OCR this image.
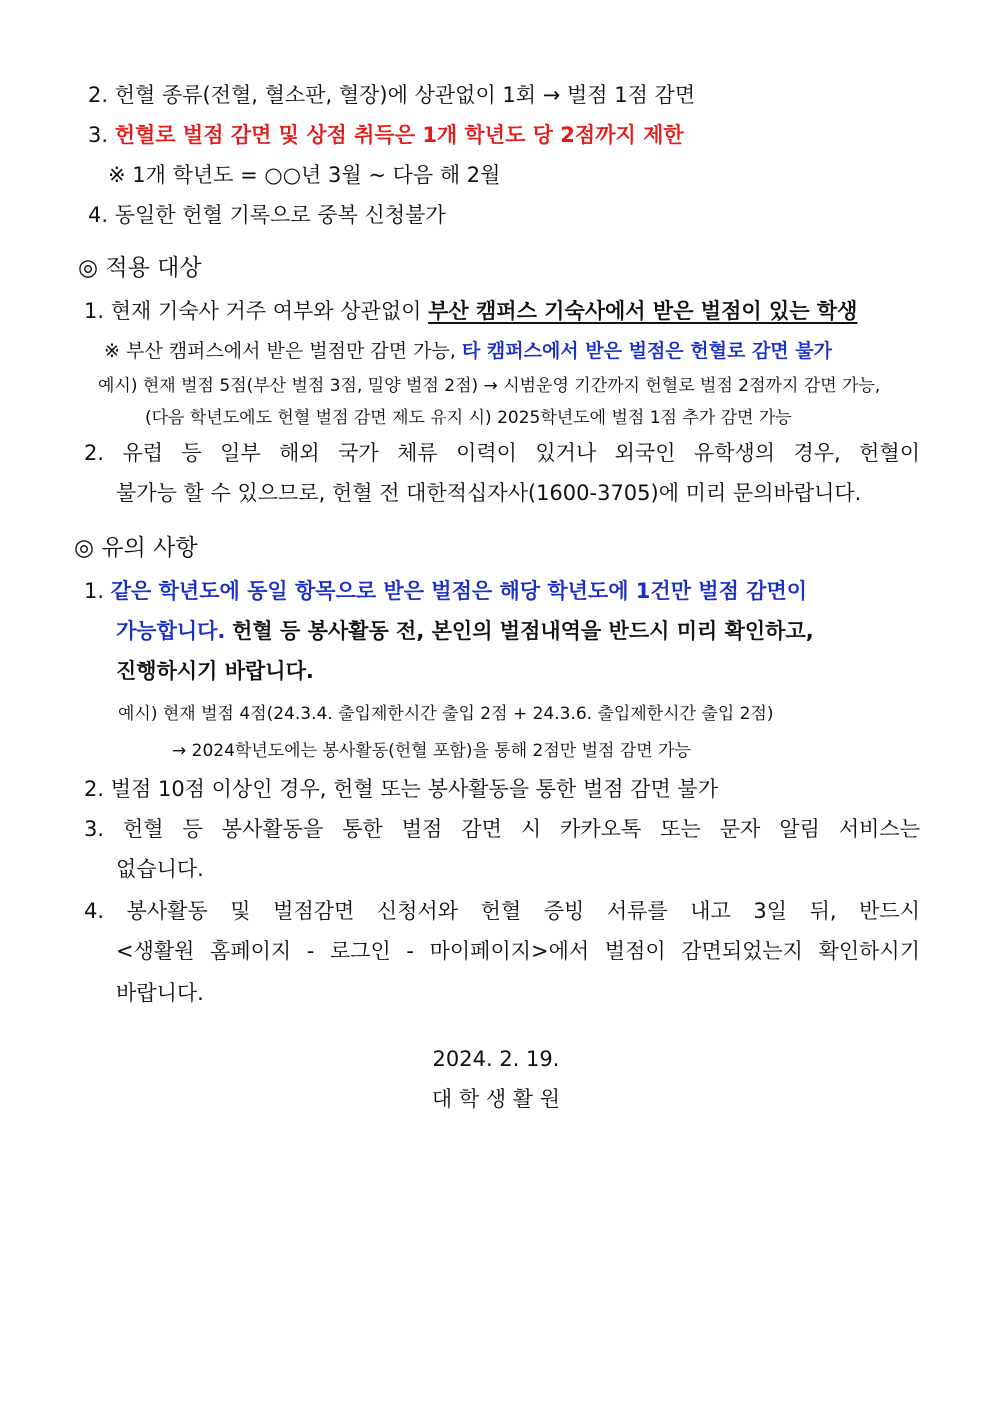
2. 헌혈 종류(전혈, 혈소판, 혈장)에 상관없이 1회 → 벌점 1점 감면
3. 헌혈로 벌점 감면 및 상점 취득은 1개 학년도 당 2점까지 제한
※ 1개 학년도 = ○○년 3월 ~ 다음 해 2월
4. 동일한 헌혈 기록으로 중복 신청불가
◎ 적용 대상
1. 현재 기숙사 거주 여부와 상관없이 부산 캠퍼스 기숙사에서 받은 벌점이 있는 학생
※ 부산 캠퍼스에서 받은 벌점만 감면 가능, 타 캠퍼스에서 받은 벌점은 헌혈로 감면 불가
예시) 현재 벌점 5점(부산 벌점 3점, 밀양 벌점 2점) → 시범운영 기간까지 헌혈로 벌점 2점까지 감면 가능,
(다음 학년도에도 헌혈 벌점 감면 제도 유지 시) 2025학년도에 벌점 1점 추가 감면 가능
2. 유럽 등 일부 해외 국가 체류 이력이 있거나 외국인 유학생의 경우, 헌혈이
불가능 할 수 있으므로, 헌혈 전 대한적십자사(1600-3705)에 미리 문의바랍니다.
◎ 유의 사항
1. 같은 학년도에 동일 항목으로 받은 벌점은 해당 학년도에 1건만 벌점 감면이
가능합니다. 헌혈 등 봉사활동 전, 본인의 벌점내역을 반드시 미리 확인하고,
진행하시기 바랍니다.
예시) 현재 벌점 4점(24.3.4. 출입제한시간 출입 2점 + 24.3.6. 출입제한시간 출입 2점)
→ 2024학년도에는 봉사활동(헌혈 포함)을 통해 2점만 벌점 감면 가능
2. 벌점 10점 이상인 경우, 헌혈 또는 봉사활동을 통한 벌점 감면 불가
3. 헌혈 등 봉사활동을 통한 벌점 감면 시 카카오톡 또는 문자 알림 서비스는
없습니다.
4. 봉사활동 및 벌점감면 신청서와 헌혈 증빙 서류를 내고 3일 뒤, 반드시
<생활원 홈페이지 - 로그인 - 마이페이지>에서 벌점이 감면되었는지 확인하시기
바랍니다.
2024. 2. 19.
대 학 생 활 원
